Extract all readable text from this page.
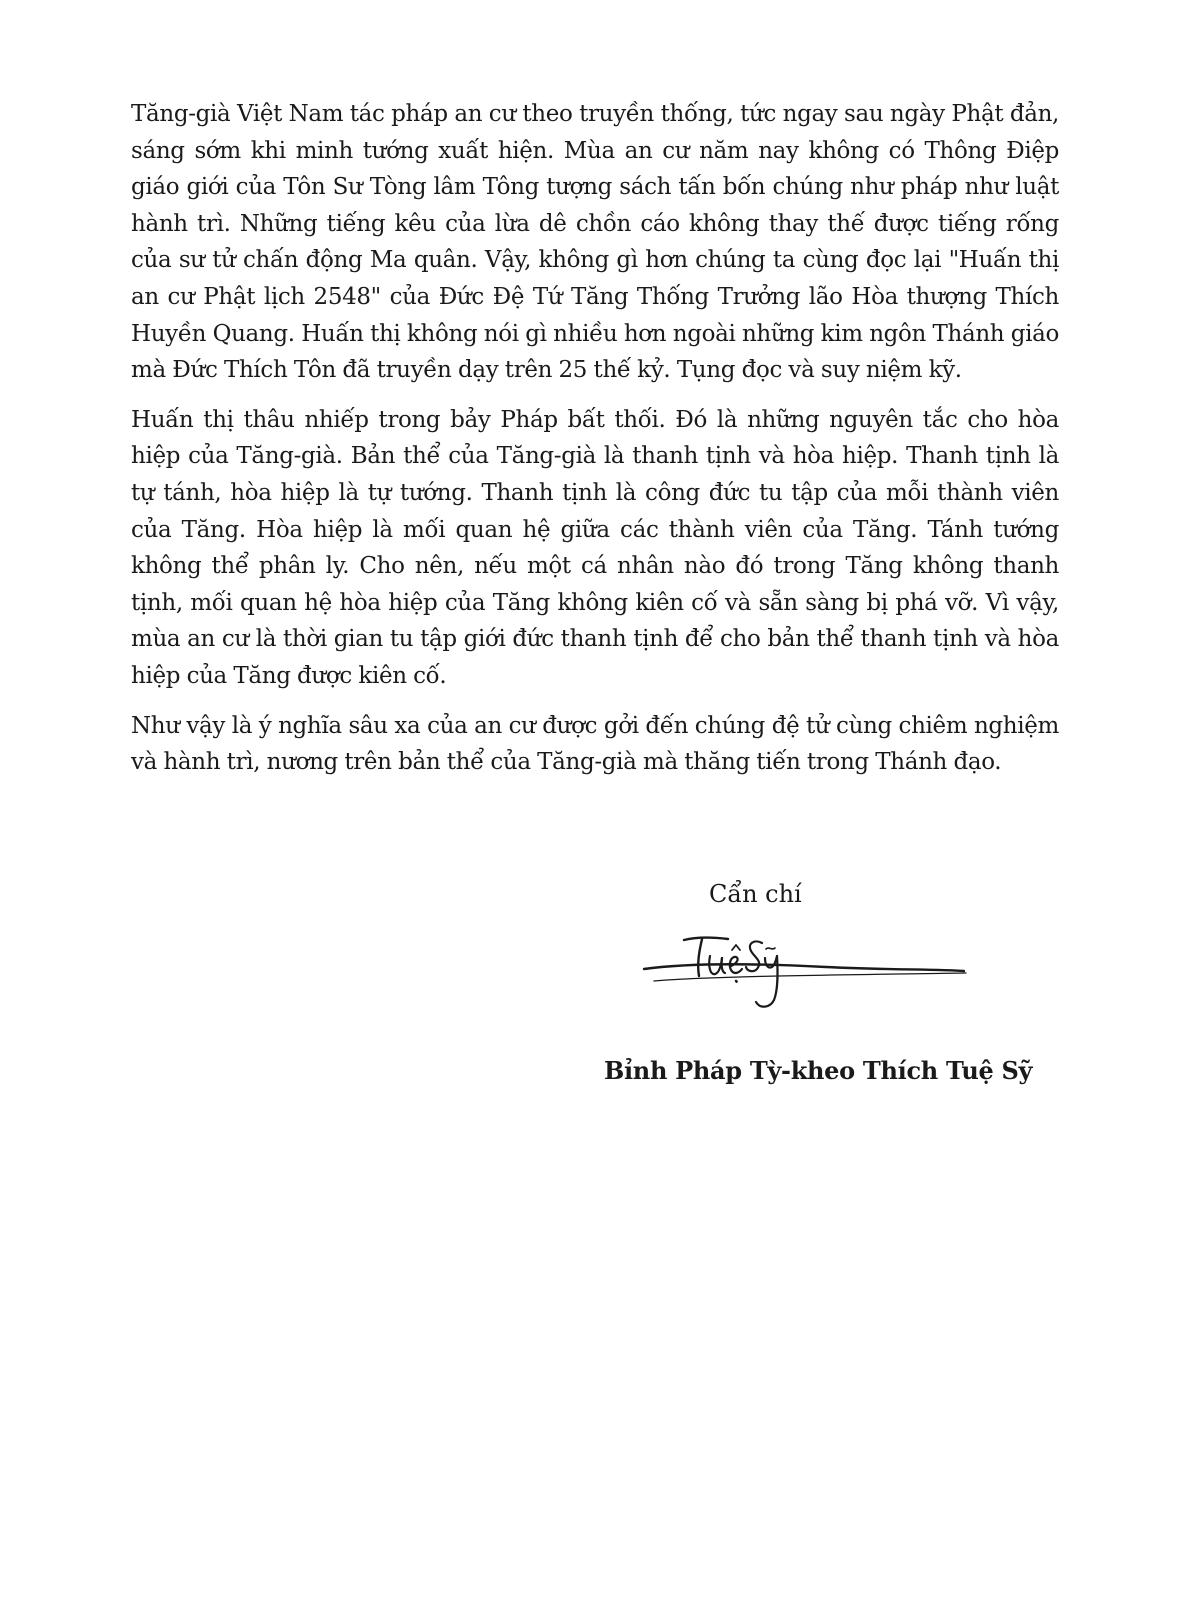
Tăng-già Việt Nam tác pháp an cư theo truyền thống, tức ngay sau ngày Phật đản, sáng sớm khi minh tướng xuất hiện. Mùa an cư năm nay không có Thông Điệp giáo giới của Tôn Sư Tòng lâm Tông tượng sách tấn bốn chúng như pháp như luật hành trì. Những tiếng kêu của lừa dê chồn cáo không thay thế được tiếng rống của sư tử chấn động Ma quân. Vậy, không gì hơn chúng ta cùng đọc lại "Huấn thị an cư Phật lịch 2548" của Đức Đệ Tứ Tăng Thống Trưởng lão Hòa thượng Thích Huyền Quang. Huấn thị không nói gì nhiều hơn ngoài những kim ngôn Thánh giáo mà Đức Thích Tôn đã truyền dạy trên 25 thế kỷ. Tụng đọc và suy niệm kỹ.

Huấn thị thâu nhiếp trong bảy Pháp bất thối. Đó là những nguyên tắc cho hòa hiệp của Tăng-già. Bản thể của Tăng-già là thanh tịnh và hòa hiệp. Thanh tịnh là tự tánh, hòa hiệp là tự tướng. Thanh tịnh là công đức tu tập của mỗi thành viên của Tăng. Hòa hiệp là mối quan hệ giữa các thành viên của Tăng. Tánh tướng không thể phân ly. Cho nên, nếu một cá nhân nào đó trong Tăng không thanh tịnh, mối quan hệ hòa hiệp của Tăng không kiên cố và sẵn sàng bị phá vỡ. Vì vậy, mùa an cư là thời gian tu tập giới đức thanh tịnh để cho bản thể thanh tịnh và hòa hiệp của Tăng được kiên cố.

Như vậy là ý nghĩa sâu xa của an cư được gởi đến chúng đệ tử cùng chiêm nghiệm và hành trì, nương trên bản thể của Tăng-già mà thăng tiến trong Thánh đạo.

Cẩn chí
Bỉnh Pháp Tỳ-kheo Thích Tuệ Sỹ
